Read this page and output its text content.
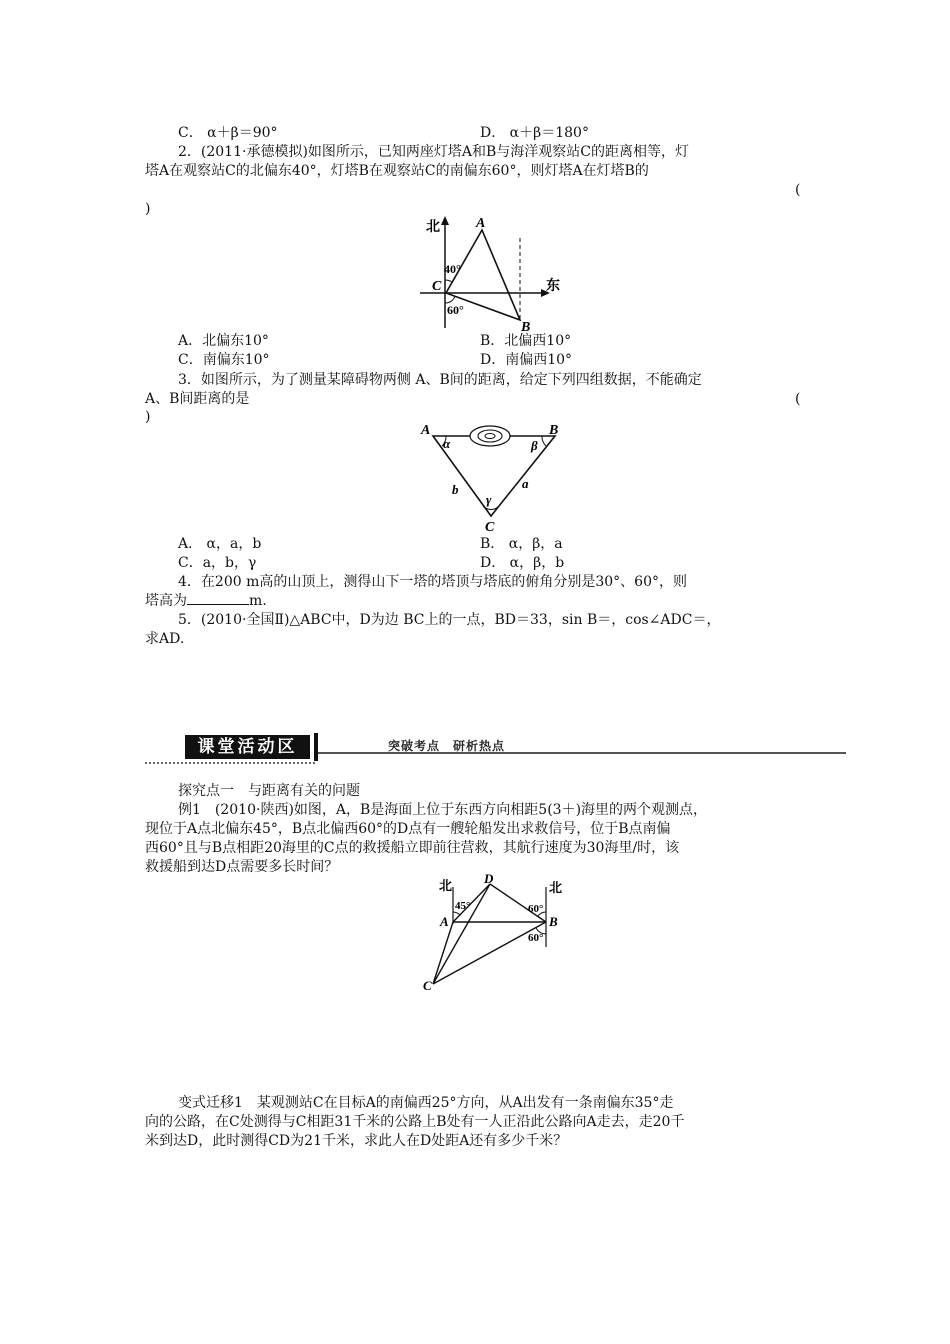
C． α＋β＝90°	D． α＋β＝180°
2．(2011·承德模拟)如图所示，已知两座灯塔A和B与海洋观察站C的距离相等，灯
塔A在观察站C的北偏东40°，灯塔B在观察站C的南偏东60°，则灯塔A在灯塔B的
(
)
北
东
A
B
C
40°
60°
A．北偏东10°	B．北偏西10°
C．南偏东10°	D．南偏西10°
3．如图所示，为了测量某障碍物两侧 A、B间的距离，给定下列四组数据，不能确定
A、B间距离的是	(
)
A	B
C
α	β
γ
a
b
A． α，a，b	B． α，β，a
C．a，b，γ	D． α，β，b
4．在200 m高的山顶上，测得山下一塔的塔顶与塔底的俯角分别是30°、60°，则
塔高为	m.
5．(2010·全国Ⅱ)△ABC中，D为边 BC上的一点，BD＝33，sin B＝，cos∠ADC＝，
求AD.
课堂活动区	突破考点　研析热点
探究点一　与距离有关的问题
例1　(2010·陕西)如图，A，B是海面上位于东西方向相距5(3＋)海里的两个观测点，
现位于A点北偏东45°，B点北偏西60°的D点有一艘轮船发出求救信号，位于B点南偏
西60°且与B点相距20海里的C点的救援船立即前往营救，其航行速度为30海里/时，该
救援船到达D点需要多长时间？
北	北
A	B
C
D
45°	60°
60°
变式迁移1　某观测站C在目标A的南偏西25°方向，从A出发有一条南偏东35°走
向的公路，在C处测得与C相距31千米的公路上B处有一人正沿此公路向A走去，走20千
米到达D，此时测得CD为21千米，求此人在D处距A还有多少千米？
